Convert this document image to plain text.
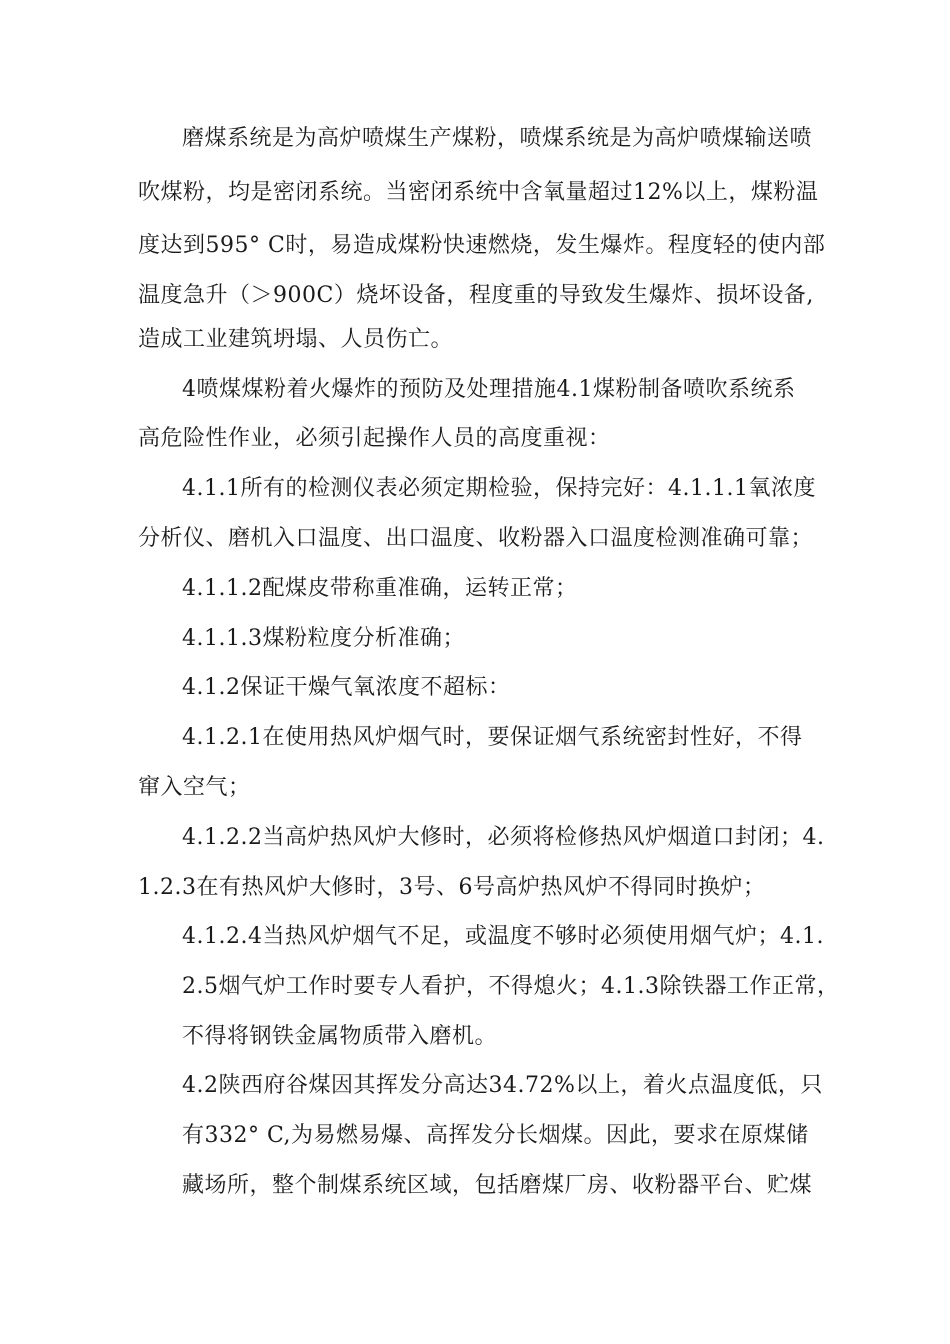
磨煤系统是为高炉喷煤生产煤粉，喷煤系统是为高炉喷煤输送喷
吹煤粉，均是密闭系统。当密闭系统中含氧量超过12%以上，煤粉温
度达到595° C时，易造成煤粉快速燃烧，发生爆炸。程度轻的使内部
温度急升（＞900C）烧坏设备，程度重的导致发生爆炸、损坏设备,
造成工业建筑坍塌、人员伤亡。
4喷煤煤粉着火爆炸的预防及处理措施4.1煤粉制备喷吹系统系
高危险性作业，必须引起操作人员的高度重视：
4.1.1所有的检测仪表必须定期检验，保持完好：4.1.1.1氧浓度
分析仪、磨机入口温度、出口温度、收粉器入口温度检测准确可靠；
4.1.1.2配煤皮带称重准确，运转正常；
4.1.1.3煤粉粒度分析准确；
4.1.2保证干燥气氧浓度不超标：
4.1.2.1在使用热风炉烟气时，要保证烟气系统密封性好，不得
窜入空气；
4.1.2.2当高炉热风炉大修时，必须将检修热风炉烟道口封闭；4.
1.2.3在有热风炉大修时，3号、6号高炉热风炉不得同时换炉；
4.1.2.4当热风炉烟气不足，或温度不够时必须使用烟气炉；4.1.
2.5烟气炉工作时要专人看护，不得熄火；4.1.3除铁器工作正常，
不得将钢铁金属物质带入磨机。
4.2陕西府谷煤因其挥发分高达34.72%以上，着火点温度低，只
有332° C,为易燃易爆、高挥发分长烟煤。因此，要求在原煤储
藏场所，整个制煤系统区域，包括磨煤厂房、收粉器平台、贮煤
